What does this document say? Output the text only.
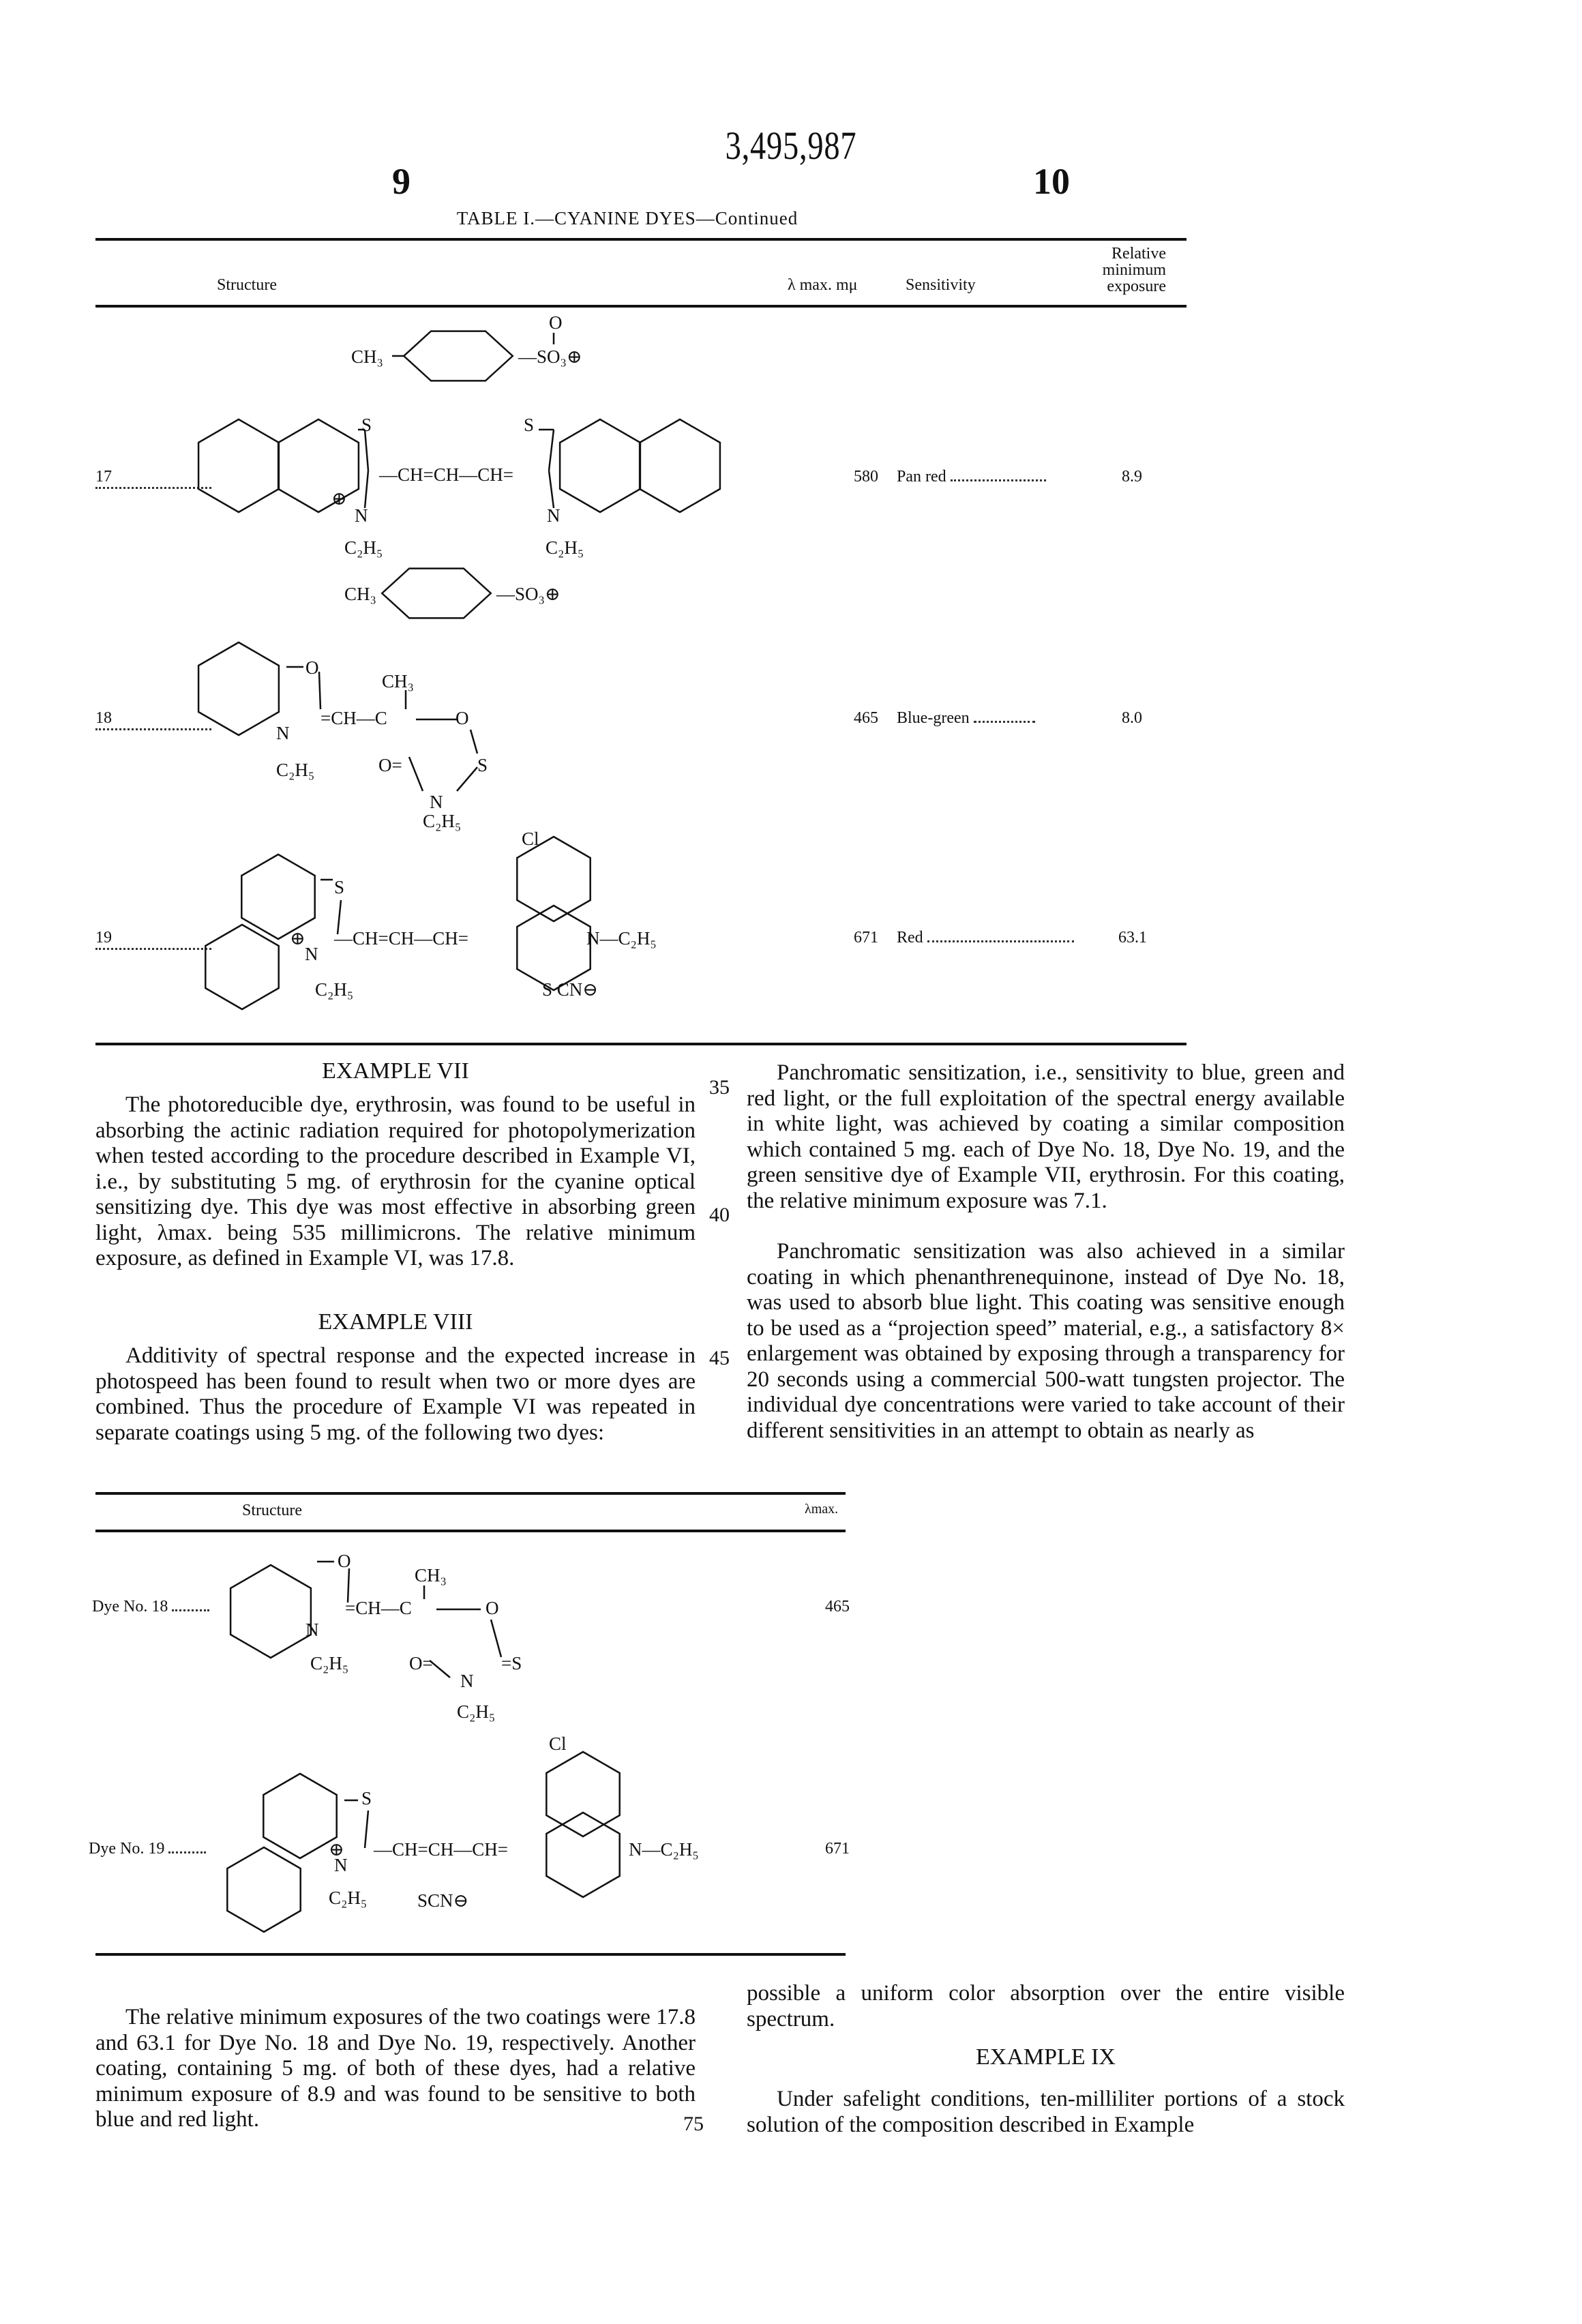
3,495,987
9	10
TABLE I.—CYANINE DYES—Continued
Structure	λ max. mμ	Sensitivity
Relative
minimum
exposure
17	580 Pan red	8.9
18	465 Blue-green	8.0
19	671 Red	63.1
O
CH₃	—SO₃⊕
S	S
⊕
N	N
C₂H₅	C₂H₅
—CH=CH—CH=
CH₃	—SO₃⊕
O
N
C₂H₅
=CH—C
CH₃
O
O=	S
N
C₂H₅
Cl
S
⊕
N
C₂H₅
—CH=CH—CH=	N—C₂H₅
S CN⊖
O
N
C₂H₅
=CH—C
CH₃
O
O=	=S
N
C₂H₅
Cl
S
⊕
N
C₂H₅
—CH=CH—CH=	N—C₂H₅
SCN⊖
EXAMPLE VII

The photoreducible dye, erythrosin, was found to be useful in absorbing the actinic radiation required for photopolymerization when tested according to the procedure described in Example VI, i.e., by substituting 5 mg. of erythrosin for the cyanine optical sensitizing dye. This dye was most effective in absorbing green light, λmax. being 535 millimicrons. The relative minimum exposure, as defined in Example VI, was 17.8.

EXAMPLE VIII

Additivity of spectral response and the expected increase in photospeed has been found to result when two or more dyes are combined. Thus the procedure of Example VI was repeated in separate coatings using 5 mg. of the following two dyes:

35
40
45
75

Panchromatic sensitization, i.e., sensitivity to blue, green and red light, or the full exploitation of the spectral energy available in white light, was achieved by coating a similar composition which contained 5 mg. each of Dye No. 18, Dye No. 19, and the green sensitive dye of Example VII, erythrosin. For this coating, the relative minimum exposure was 7.1.

Panchromatic sensitization was also achieved in a similar coating in which phenanthrenequinone, instead of Dye No. 18, was used to absorb blue light. This coating was sensitive enough to be used as a “projection speed” material, e.g., a satisfactory 8× enlargement was obtained by exposing through a transparency for 20 seconds using a commercial 500-watt tungsten projector. The individual dye concentrations were varied to take account of their different sensitivities in an attempt to obtain as nearly as

Structure	λmax.
Dye No. 18	465
Dye No. 19	671

The relative minimum exposures of the two coatings were 17.8 and 63.1 for Dye No. 18 and Dye No. 19, respectively. Another coating, containing 5 mg. of both of these dyes, had a relative minimum exposure of 8.9 and was found to be sensitive to both blue and red light.

possible a uniform color absorption over the entire visible spectrum.

EXAMPLE IX

Under safelight conditions, ten-milliliter portions of a stock solution of the composition described in Example
